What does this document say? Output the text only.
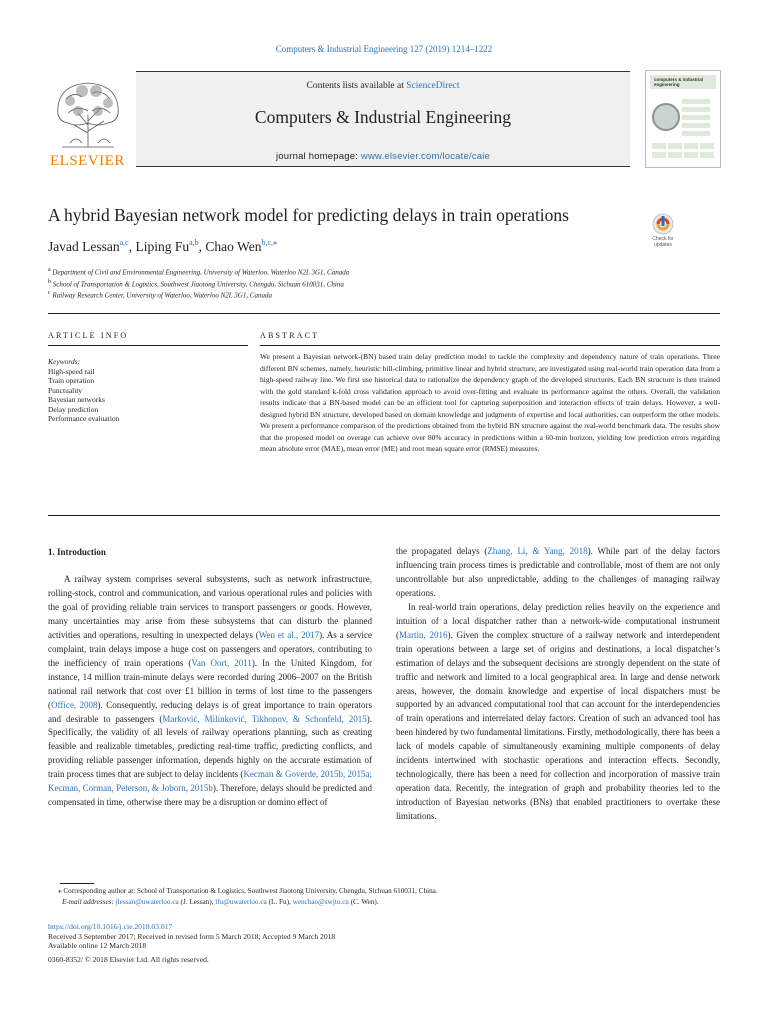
Computers & Industrial Engineering 127 (2019) 1214–1222
ELSEVIER
Contents lists available at ScienceDirect
Computers & Industrial Engineering
journal homepage: www.elsevier.com/locate/caie
computers & industrial engineering
A hybrid Bayesian network model for predicting delays in train operations
Check for updates
Javad Lessan$^{a,c}$, Liping Fu$^{a,b}$, Chao Wen$^{b,c,⁎}$
$^a$ Department of Civil and Environmental Engineering, University of Waterloo, Waterloo N2L 3G1, Canada
$^b$ School of Transportation & Logistics, Southwest Jiaotong University, Chengdu, Sichuan 610031, China
$^c$ Railway Research Center, University of Waterloo, Waterloo N2L 3G1, Canada
ARTICLE INFO	ABSTRACT
Keywords:
High-speed rail
Train operation
Punctuality
Bayesian networks
Delay prediction
Performance evaluation
We present a Bayesian network-(BN) based train delay prediction model to tackle the complexity and dependency nature of train operations. Three different BN schemes, namely, heuristic hill-climbing, primitive linear and hybrid structure, are investigated using real-world train operation data from a high-speed railway line. We first use historical data to rationalize the dependency graph of the developed structures. Each BN structure is then trained with the gold standard k-fold cross validation approach to avoid over-fitting and evaluate its performance against the others. Overall, the validation results indicate that a BN-based model can be an efficient tool for capturing superposition and interaction effects of train delays. However, a well-designed hybrid BN structure, developed based on domain knowledge and judgments of expertise and local authorities, can outperform the other models. We present a performance comparison of the predictions obtained from the hybrid BN structure against the real-world benchmark data. The results show that the proposed model on overage can achieve over 80% accuracy in predictions within a 60-min horizon, yielding low prediction errors regarding mean absolute error (MAE), mean error (ME) and root mean square error (RMSE) measures.
1. Introduction

A railway system comprises several subsystems, such as network infrastructure, rolling-stock, control and communication, and various operational rules and policies with the goal of providing reliable train services to transport passengers or goods. However, many uncertainties may arise from these subsystems that can disturb the planned activities and operations, resulting in unexpected delays (Wen et al., 2017). As a service complaint, train delays impose a huge cost on passengers and operators, contributing to the inefficiency of train operations (Van Oort, 2011). In the United Kingdom, for instance, 14 million train-minute delays were recorded during 2006–2007 on the British national rail network that cost over £1 billion in terms of lost time to the passengers (Office, 2008). Consequently, reducing delays is of great importance to train operators and desirable to passengers (Marković, Milinković, Tikhonov, & Schonfeld, 2015). Specifically, the validity of all levels of railway operations planning, such as creating feasible and realizable timetables, predicting real-time traffic, predicting conflicts, and providing reliable passenger information, depends highly on the accurate estimation of train process times that are subject to delay incidents (Kecman & Goverde, 2015b, 2015a; Kecman, Corman, Peterson, & Joborn, 2015b). Therefore, delays should be predicted and compensated in time, otherwise there may be a disruption or domino effect of

the propagated delays (Zhang, Li, & Yang, 2018). While part of the delay factors influencing train process times is predictable and controllable, most of them are not only uncontrollable but also unpredictable, adding to the challenges of managing railway operations.

In real-world train operations, delay prediction relies heavily on the experience and intuition of a local dispatcher rather than a network-wide computational instrument (Martin, 2016). Given the complex structure of a railway network and interdependent train operations between a large set of origins and destinations, a local dispatcher’s estimation of delays and the subsequent decisions are strongly dependent on the state of traffic and network and limited to a local geographical area. In large and dense network areas, however, the domain knowledge and expertise of local dispatchers must be supported by an advanced computational tool that can account for the interdependencies of train operations and interrelated delay factors. Creation of such an advanced tool has been hindered by two fundamental limitations. Firstly, methodologically, there has been a lack of models capable of simultaneously examining multiple components of delay incidents intertwined with stochastic operations and interaction effects. Secondly, technologically, there has been a need for collection and incorporation of massive train operation data. Recently, the integration of graph and probability theories led to the introduction of Bayesian networks (BNs) that enabled practitioners to overtake these limitations.

⁎ Corresponding author at: School of Transportation & Logistics, Southwest Jiaotong University, Chengdu, Sichuan 610031, China.
E-mail addresses: jlessan@uwaterloo.ca (J. Lessan), lfu@uwaterloo.ca (L. Fu), wenchao@swjtu.cn (C. Wen).
https://doi.org/10.1016/j.cie.2018.03.017
Received 3 September 2017; Received in revised form 5 March 2018; Accepted 9 March 2018
Available online 12 March 2018
0360-8352/ © 2018 Elsevier Ltd. All rights reserved.
